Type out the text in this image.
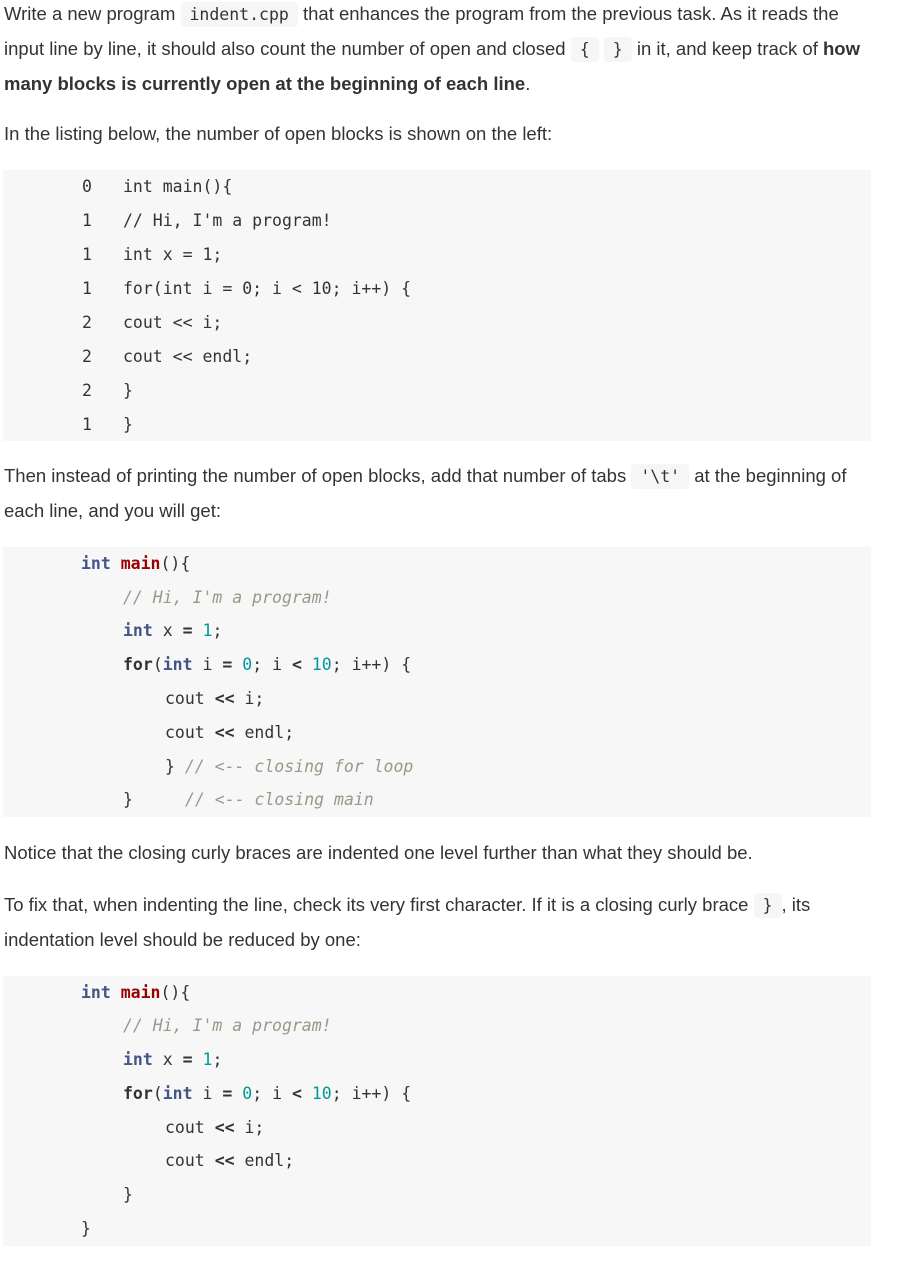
Write a new program indent.cpp that enhances the program from the previous task. As it reads the input line by line, it should also count the number of open and closed { } in it, and keep track of how many blocks is currently open at the beginning of each line.

In the listing below, the number of open blocks is shown on the left:

0 int main(){
1 // Hi, I'm a program!
1 int x = 1;
1 for(int i = 0; i < 10; i++) {
2 cout << i;
2 cout << endl;
2 }
1 }

Then instead of printing the number of open blocks, add that number of tabs '\t' at the beginning of each line, and you will get:

int main(){
// Hi, I'm a program!
int x = 1;
for(int i = 0; i < 10; i++) {
cout << i;
cout << endl;
} // <-- closing for loop
}	// <-- closing main

Notice that the closing curly braces are indented one level further than what they should be.

To fix that, when indenting the line, check its very first character. If it is a closing curly brace } , its indentation level should be reduced by one:

int main(){
// Hi, I'm a program!
int x = 1;
for(int i = 0; i < 10; i++) {
cout << i;
cout << endl;
}
}
